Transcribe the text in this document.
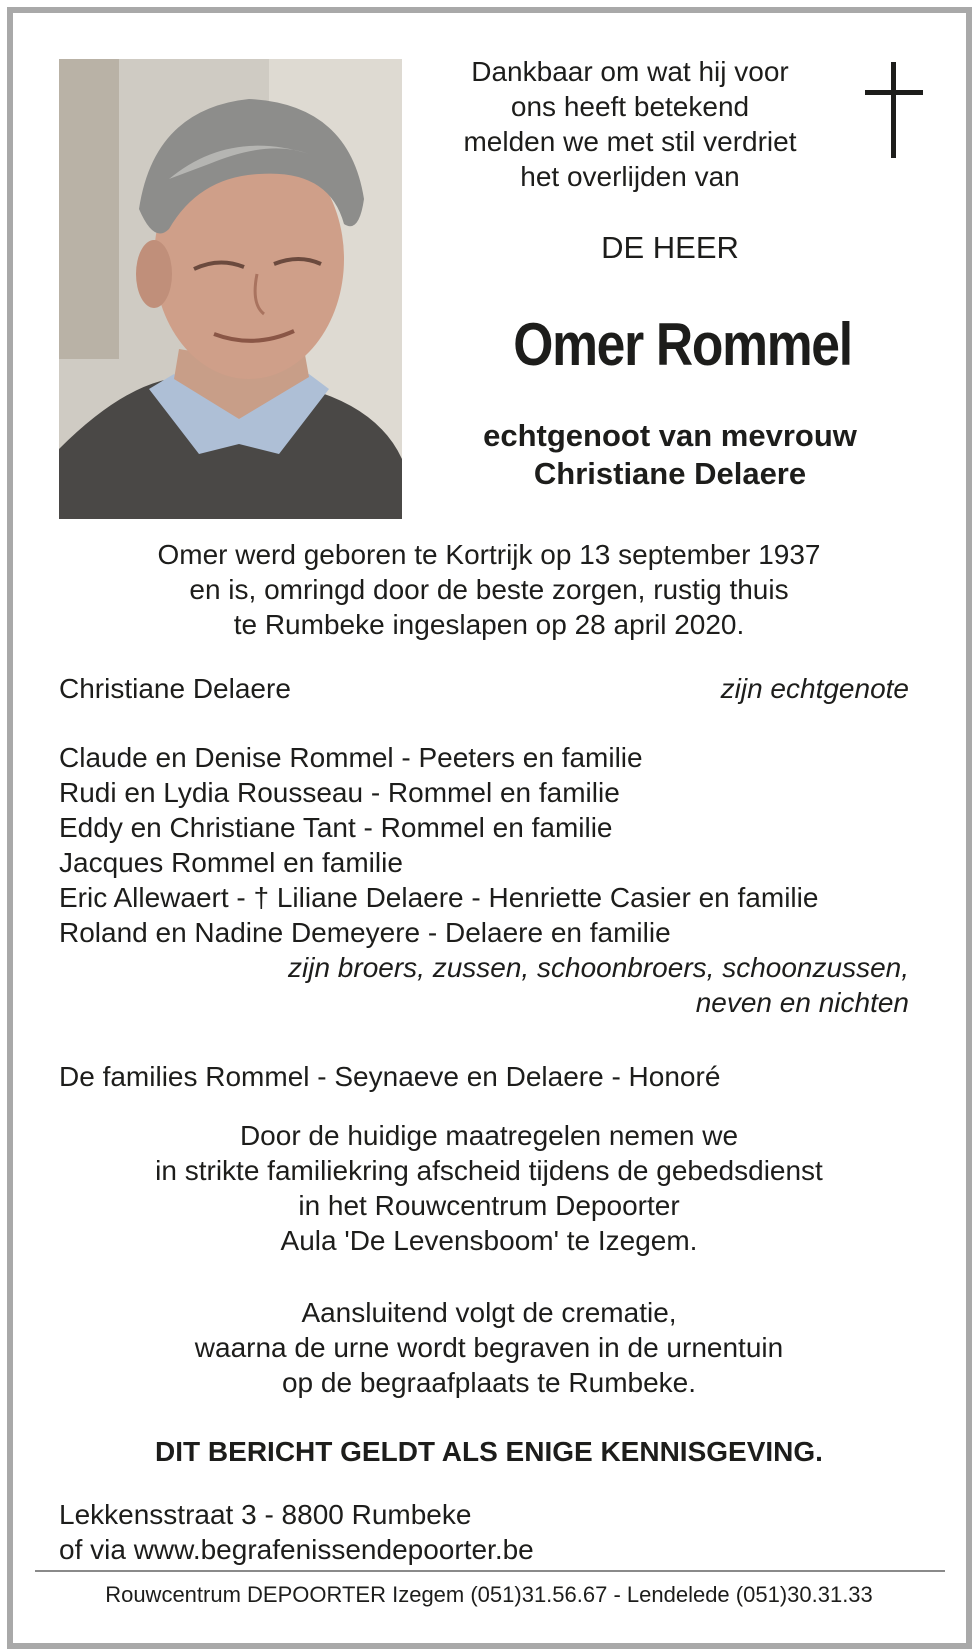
Dankbaar om wat hij voor
ons heeft betekend
melden we met stil verdriet
het overlijden van
DE HEER
Omer Rommel
echtgenoot van mevrouw
Christiane Delaere
Omer werd geboren te Kortrijk op 13 september 1937
en is, omringd door de beste zorgen, rustig thuis
te Rumbeke ingeslapen op 28 april 2020.
Christiane Delaere	zijn echtgenote
Claude en Denise Rommel - Peeters en familie
Rudi en Lydia Rousseau - Rommel en familie
Eddy en Christiane Tant - Rommel en familie
Jacques Rommel en familie
Eric Allewaert - † Liliane Delaere - Henriette Casier en familie
Roland en Nadine Demeyere - Delaere en familie
zijn broers, zussen, schoonbroers, schoonzussen,
neven en nichten
De families Rommel - Seynaeve en Delaere - Honoré
Door de huidige maatregelen nemen we
in strikte familiekring afscheid tijdens de gebedsdienst
in het Rouwcentrum Depoorter
Aula 'De Levensboom' te Izegem.
Aansluitend volgt de crematie,
waarna de urne wordt begraven in de urnentuin
op de begraafplaats te Rumbeke.
DIT BERICHT GELDT ALS ENIGE KENNISGEVING.
Lekkensstraat 3 - 8800 Rumbeke
of via www.begrafenissendepoorter.be
Rouwcentrum DEPOORTER Izegem (051)31.56.67 - Lendelede (051)30.31.33
